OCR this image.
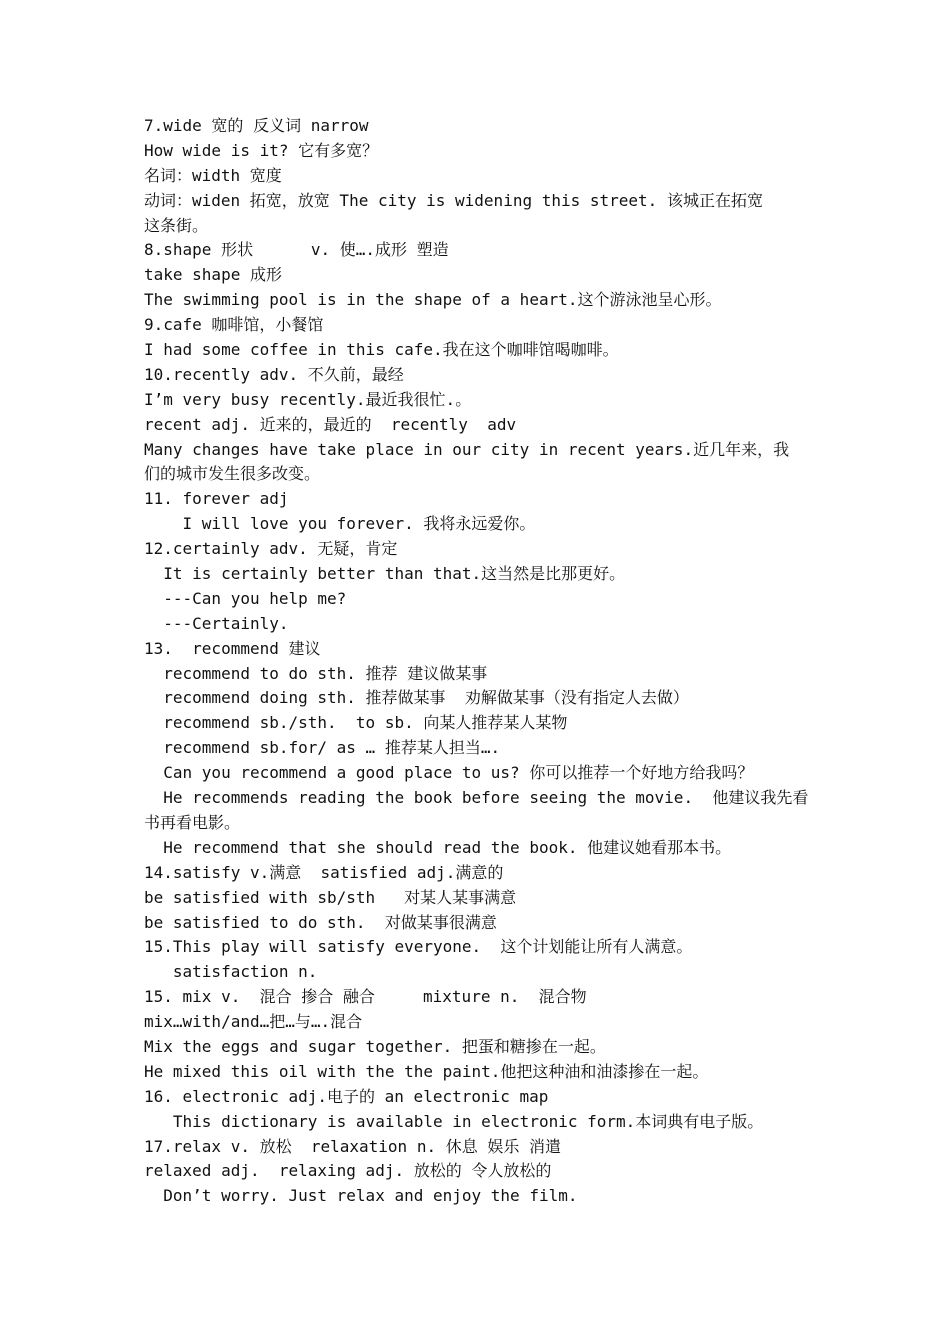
7.wide 宽的 反义词 narrow
How wide is it? 它有多宽？
名词：width 宽度
动词：widen 拓宽，放宽 The city is widening this street. 该城正在拓宽
这条街。
8.shape 形状      v. 使….成形 塑造
take shape 成形
The swimming pool is in the shape of a heart.这个游泳池呈心形。
9.cafe 咖啡馆，小餐馆
I had some coffee in this cafe.我在这个咖啡馆喝咖啡。
10.recently adv. 不久前，最经
I’m very busy recently.最近我很忙.。
recent adj. 近来的，最近的  recently  adv
Many changes have take place in our city in recent years.近几年来，我
们的城市发生很多改变。
11. forever adj
I will love you forever. 我将永远爱你。
12.certainly adv. 无疑，肯定
It is certainly better than that.这当然是比那更好。
---Can you help me?
---Certainly.
13.  recommend 建议
recommend to do sth. 推荐 建议做某事
recommend doing sth. 推荐做某事  劝解做某事（没有指定人去做）
recommend sb./sth.  to sb. 向某人推荐某人某物
recommend sb.for/ as … 推荐某人担当….
Can you recommend a good place to us? 你可以推荐一个好地方给我吗？
He recommends reading the book before seeing the movie.  他建议我先看
书再看电影。
He recommend that she should read the book. 他建议她看那本书。
14.satisfy v.满意  satisfied adj.满意的
be satisfied with sb/sth   对某人某事满意
be satisfied to do sth.  对做某事很满意
15.This play will satisfy everyone.  这个计划能让所有人满意。
satisfaction n.
15. mix v.  混合 掺合 融合     mixture n.  混合物
mix…with/and…把…与….混合
Mix the eggs and sugar together. 把蛋和糖掺在一起。
He mixed this oil with the the paint.他把这种油和油漆掺在一起。
16. electronic adj.电子的 an electronic map
This dictionary is available in electronic form.本词典有电子版。
17.relax v. 放松  relaxation n. 休息 娱乐 消遣
relaxed adj.  relaxing adj. 放松的 令人放松的
Don’t worry. Just relax and enjoy the film.
